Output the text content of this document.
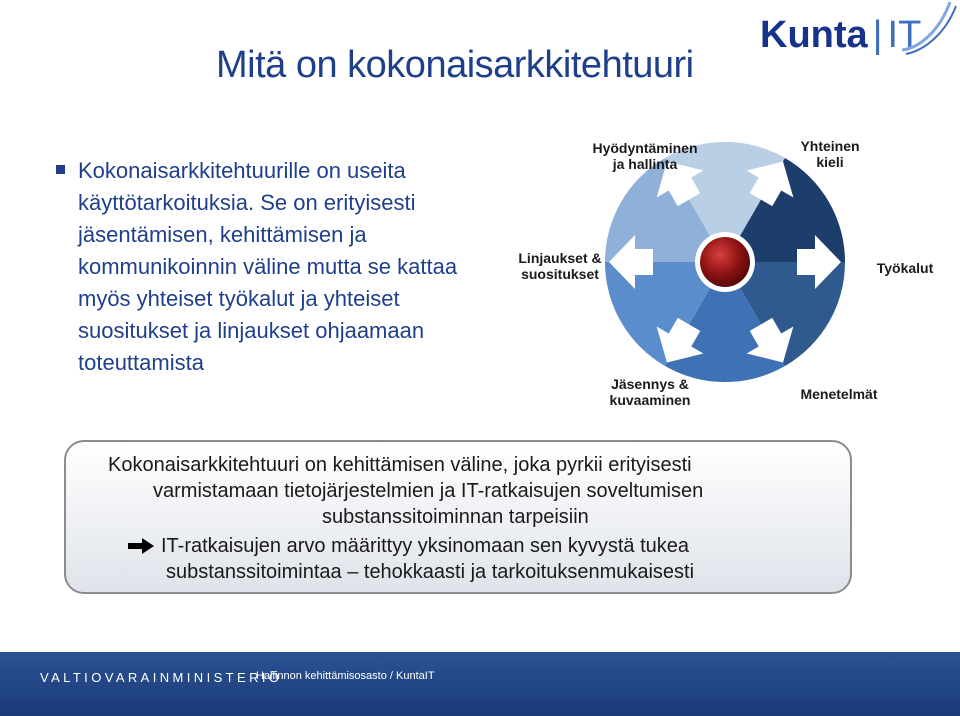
Mitä on kokonaisarkkitehtuuri
Kunta | IT
Kokonaisarkkitehtuurille on useita käyttötarkoituksia. Se on erityisesti jäsentämisen, kehittämisen ja kommunikoinnin väline mutta se kattaa myös yhteiset työkalut ja yhteiset suositukset ja linjaukset ohjaamaan toteuttamista
Hyödyntäminen
ja hallinta
Yhteinen
kieli
Linjaukset &
suositukset	Työkalut
Jäsennys &
kuvaaminen	Menetelmät
Kokonaisarkkitehtuuri on kehittämisen väline, joka pyrkii erityisesti
varmistamaan tietojärjestelmien ja IT-ratkaisujen soveltumisen
substanssitoiminnan tarpeisiin
IT-ratkaisujen arvo määrittyy yksinomaan sen kyvystä tukea
substanssitoimintaa – tehokkaasti ja tarkoituksenmukaisesti
VALTIOVARAINMINISTERIÖ
Hallinnon kehittämisosasto / KuntaIT
